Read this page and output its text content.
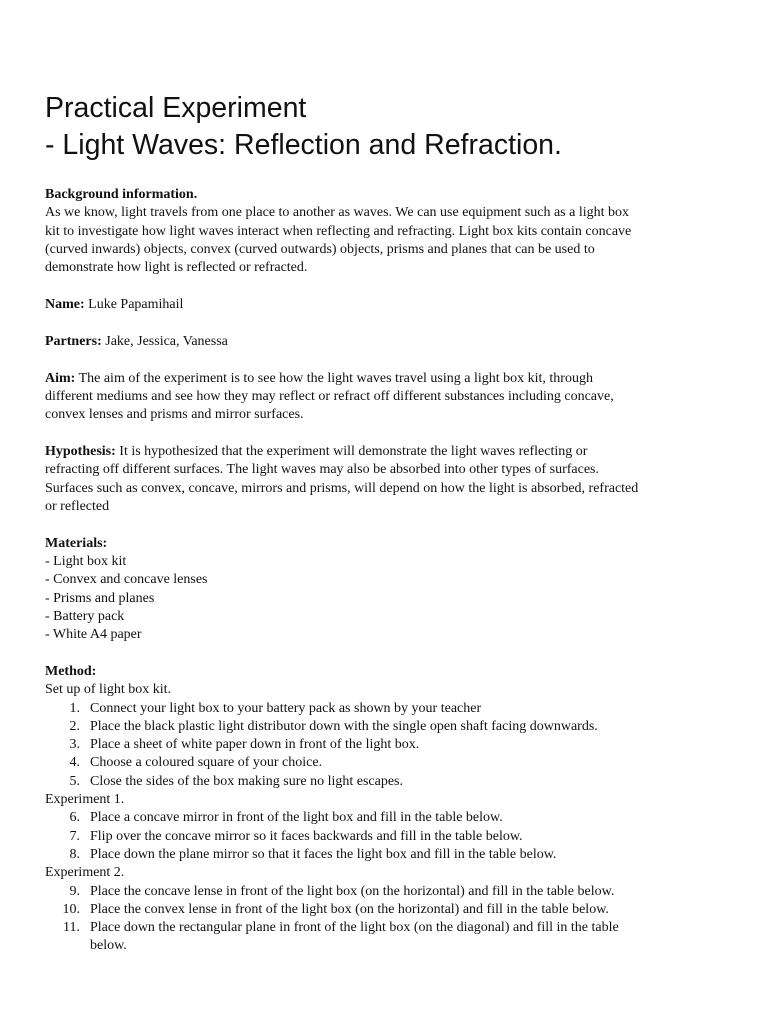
Practical Experiment
- Light Waves: Reflection and Refraction.
Background information.
As we know, light travels from one place to another as waves. We can use equipment such as a light box
kit to investigate how light waves interact when reflecting and refracting. Light box kits contain concave
(curved inwards) objects, convex (curved outwards) objects, prisms and planes that can be used to
demonstrate how light is reflected or refracted.
Name: Luke Papamihail
Partners: Jake, Jessica, Vanessa
Aim: The aim of the experiment is to see how the light waves travel using a light box kit, through
different mediums and see how they may reflect or refract off different substances including concave,
convex lenses and prisms and mirror surfaces.
Hypothesis: It is hypothesized that the experiment will demonstrate the light waves reflecting or
refracting off different surfaces. The light waves may also be absorbed into other types of surfaces.
Surfaces such as convex, concave, mirrors and prisms, will depend on how the light is absorbed, refracted
or reflected
Materials:
- Light box kit
- Convex and concave lenses
- Prisms and planes
- Battery pack
- White A4 paper
Method:
Set up of light box kit.
1. Connect your light box to your battery pack as shown by your teacher
2. Place the black plastic light distributor down with the single open shaft facing downwards.
3. Place a sheet of white paper down in front of the light box.
4. Choose a coloured square of your choice.
5. Close the sides of the box making sure no light escapes.
Experiment 1.
6. Place a concave mirror in front of the light box and fill in the table below.
7. Flip over the concave mirror so it faces backwards and fill in the table below.
8. Place down the plane mirror so that it faces the light box and fill in the table below.
Experiment 2.
9. Place the concave lense in front of the light box (on the horizontal) and fill in the table below.
10. Place the convex lense in front of the light box (on the horizontal) and fill in the table below.
11. Place down the rectangular plane in front of the light box (on the diagonal) and fill in the table
below.
